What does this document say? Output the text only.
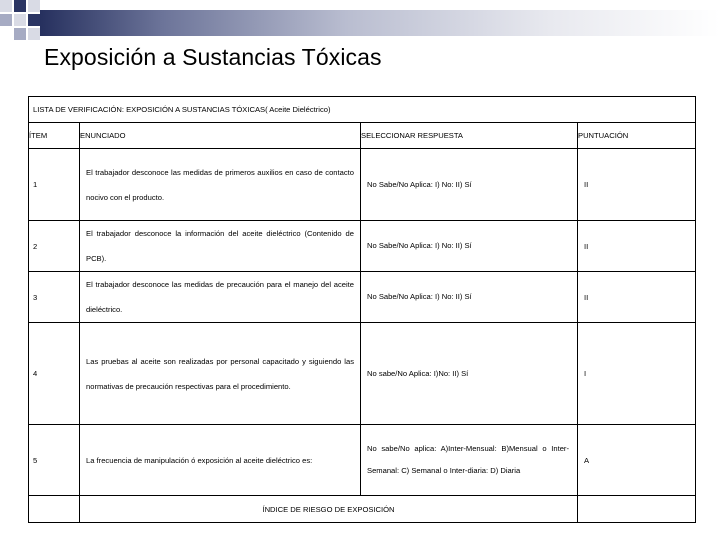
Exposición a Sustancias Tóxicas
LISTA DE VERIFICACIÓN: EXPOSICIÓN A SUSTANCIAS TÓXICAS( Aceite Dieléctrico)			
ÍTEM	ENUNCIADO	SELECCIONAR RESPUESTA	PUNTUACIÓN
1	El trabajador desconoce las medidas de primeros auxilios en caso de contacto nocivo con el producto.	No Sabe/No Aplica: I) No: II) Sí	II
2	El trabajador desconoce la información del aceite dieléctrico (Contenido de PCB).	No Sabe/No Aplica: I) No: II) Sí	II
3	El trabajador desconoce las medidas de precaución para el manejo del aceite dieléctrico.	No Sabe/No Aplica: I) No: II) Sí	II
4	Las pruebas al aceite son realizadas por personal capacitado y siguiendo las normativas de precaución respectivas para el procedimiento.	No sabe/No Aplica: I)No: II) Sí	I
5	La frecuencia de manipulación ó exposición al aceite dieléctrico es:	No sabe/No aplica: A)Inter-Mensual: B)Mensual o Inter-Semanal: C) Semanal o Inter-diaria: D) Diaria	A
	ÍNDICE DE RIESGO DE EXPOSICIÓN		
